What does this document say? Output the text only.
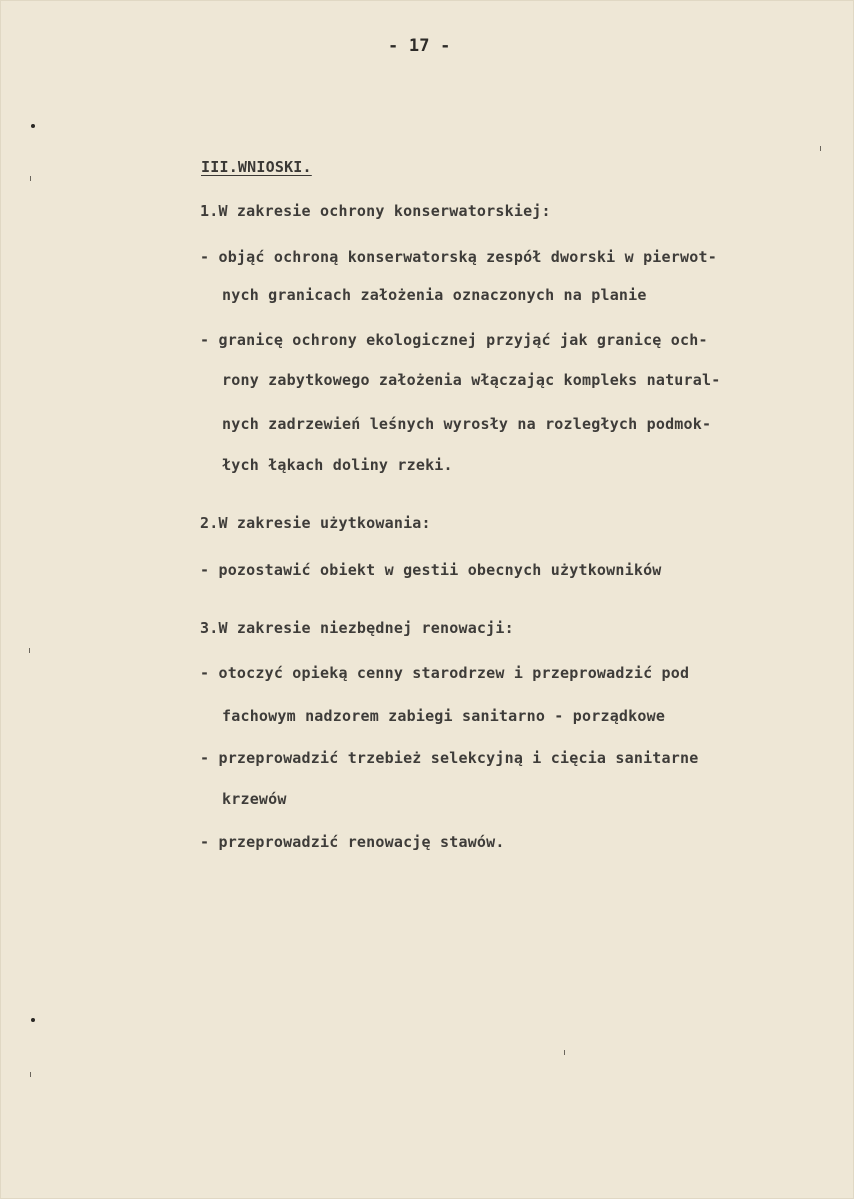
- 17 -
III.WNIOSKI.
1.W zakresie ochrony konserwatorskiej:
- objąć ochroną konserwatorską zespół dworski w pierwot-
nych granicach założenia oznaczonych na planie
- granicę ochrony ekologicznej przyjąć jak granicę och-
rony zabytkowego założenia włączając kompleks natural-
nych zadrzewień leśnych wyrosły na rozległych podmok-
łych łąkach doliny rzeki.
2.W zakresie użytkowania:
- pozostawić obiekt w gestii obecnych użytkowników
3.W zakresie niezbędnej renowacji:
- otoczyć opieką cenny starodrzew i przeprowadzić pod
fachowym nadzorem zabiegi sanitarno - porządkowe
- przeprowadzić trzebież selekcyjną i cięcia sanitarne
krzewów
- przeprowadzić renowację stawów.
